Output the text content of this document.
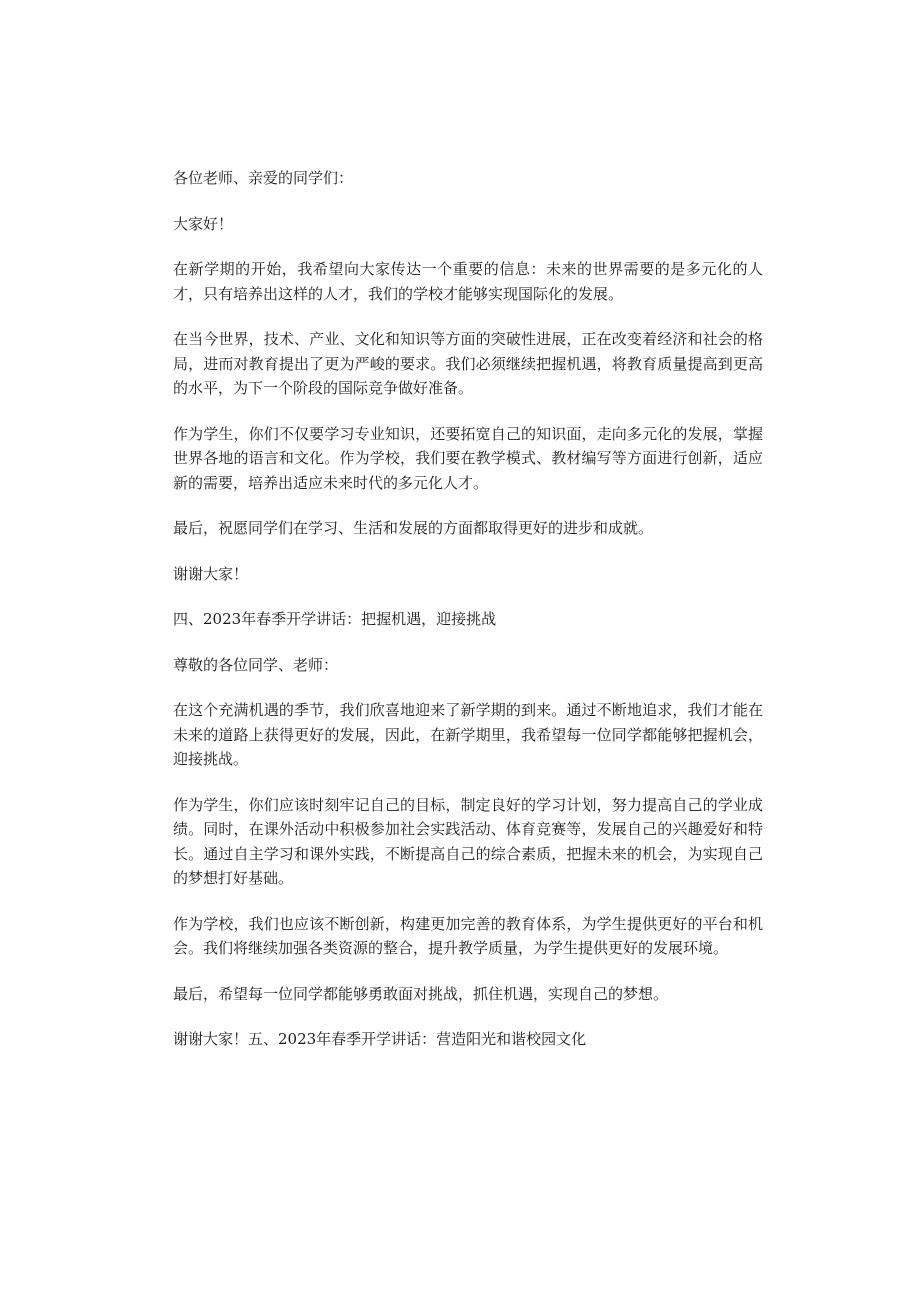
各位老师、亲爱的同学们：

大家好！

在新学期的开始，我希望向大家传达一个重要的信息：未来的世界需要的是多元化的人才，只有培养出这样的人才，我们的学校才能够实现国际化的发展。

在当今世界，技术、产业、文化和知识等方面的突破性进展，正在改变着经济和社会的格局，进而对教育提出了更为严峻的要求。我们必须继续把握机遇，将教育质量提高到更高的水平，为下一个阶段的国际竞争做好准备。

作为学生，你们不仅要学习专业知识，还要拓宽自己的知识面，走向多元化的发展，掌握世界各地的语言和文化。作为学校，我们要在教学模式、教材编写等方面进行创新，适应新的需要，培养出适应未来时代的多元化人才。

最后，祝愿同学们在学习、生活和发展的方面都取得更好的进步和成就。

谢谢大家！

四、2023年春季开学讲话：把握机遇，迎接挑战

尊敬的各位同学、老师：

在这个充满机遇的季节，我们欣喜地迎来了新学期的到来。通过不断地追求，我们才能在未来的道路上获得更好的发展，因此，在新学期里，我希望每一位同学都能够把握机会，迎接挑战。

作为学生，你们应该时刻牢记自己的目标，制定良好的学习计划，努力提高自己的学业成绩。同时，在课外活动中积极参加社会实践活动、体育竞赛等，发展自己的兴趣爱好和特长。通过自主学习和课外实践，不断提高自己的综合素质，把握未来的机会，为实现自己的梦想打好基础。

作为学校，我们也应该不断创新，构建更加完善的教育体系，为学生提供更好的平台和机会。我们将继续加强各类资源的整合，提升教学质量，为学生提供更好的发展环境。

最后，希望每一位同学都能够勇敢面对挑战，抓住机遇，实现自己的梦想。

谢谢大家！五、2023年春季开学讲话：营造阳光和谐校园文化
